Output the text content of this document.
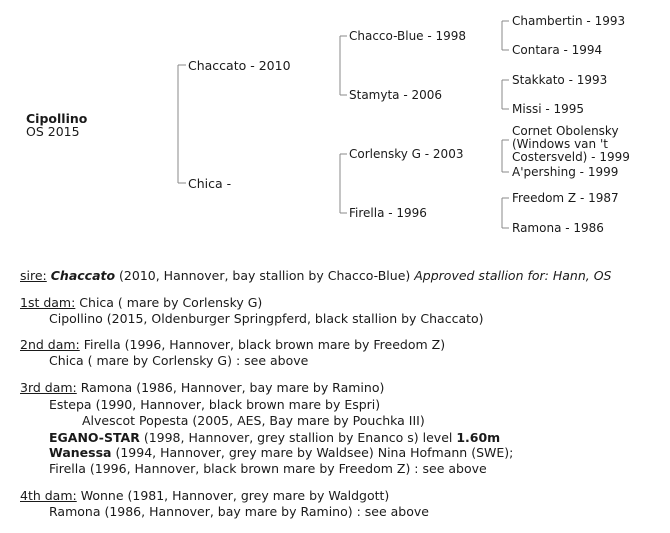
Cipollino
OS 2015
Chaccato - 2010
Chica -
Chacco-Blue - 1998
Stamyta - 2006
Corlensky G - 2003
Firella - 1996
Chambertin - 1993
Contara - 1994
Stakkato - 1993
Missi - 1995
Cornet Obolensky (Windows van 't Costersveld) - 1999
A'pershing - 1999
Freedom Z - 1987
Ramona - 1986
sire: Chaccato (2010, Hannover, bay stallion by Chacco-Blue) Approved stallion for: Hann, OS
1st dam: Chica ( mare by Corlensky G)
Cipollino (2015, Oldenburger Springpferd, black stallion by Chaccato)
2nd dam: Firella (1996, Hannover, black brown mare by Freedom Z)
Chica ( mare by Corlensky G) : see above
3rd dam: Ramona (1986, Hannover, bay mare by Ramino)
Estepa (1990, Hannover, black brown mare by Espri)
Alvescot Popesta (2005, AES, Bay mare by Pouchka III)
EGANO-STAR (1998, Hannover, grey stallion by Enanco s) level 1.60m
Wanessa (1994, Hannover, grey mare by Waldsee) Nina Hofmann (SWE);
Firella (1996, Hannover, black brown mare by Freedom Z) : see above
4th dam: Wonne (1981, Hannover, grey mare by Waldgott)
Ramona (1986, Hannover, bay mare by Ramino) : see above
